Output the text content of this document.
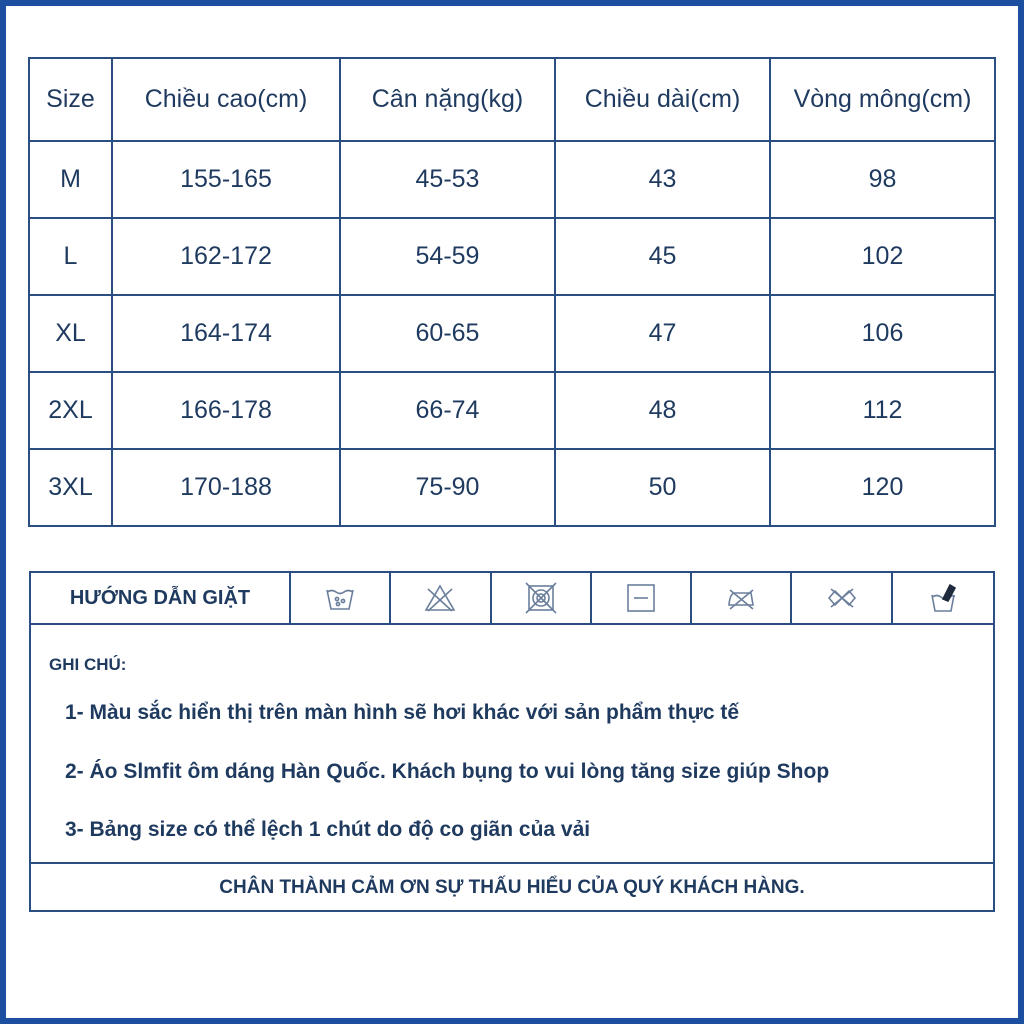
Size	Chiều cao(cm)	Cân nặng(kg)	Chiều dài(cm)	Vòng mông(cm)
M	155-165	45-53	43	98
L	162-172	54-59	45	102
XL	164-174	60-65	47	106
2XL	166-178	66-74	48	112
3XL	170-188	75-90	50	120
HƯỚNG DẪN GIẶT
GHI CHÚ:
1- Màu sắc hiển thị trên màn hình sẽ hơi khác với sản phẩm thực tế
2- Áo Slmfit ôm dáng Hàn Quốc. Khách bụng to vui lòng tăng size giúp Shop
3- Bảng size có thể lệch 1 chút do độ co giãn của vải
CHÂN THÀNH CẢM ƠN SỰ THẤU HIỂU CỦA QUÝ KHÁCH HÀNG.
